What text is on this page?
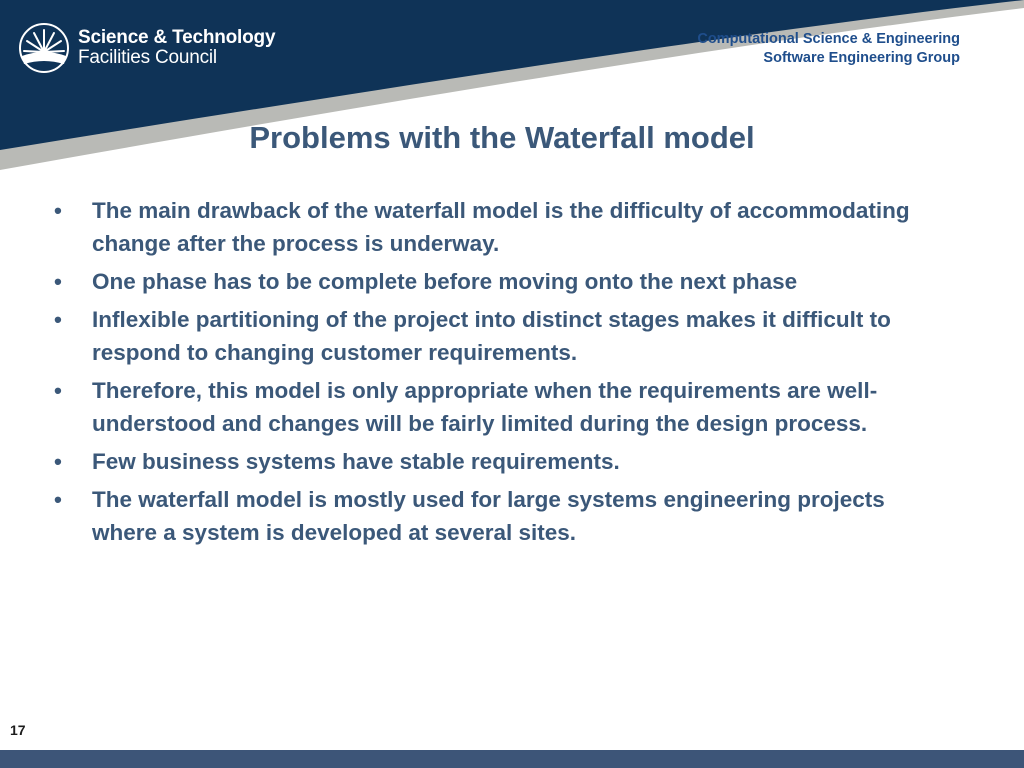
Science & Technology
Facilities Council
Computational Science & Engineering
Software Engineering Group
Problems with the Waterfall model
• The main drawback of the waterfall model is the difficulty of accommodating change after the process is underway.
• One phase has to be complete before moving onto the next phase
• Inflexible partitioning of the project into distinct stages makes it difficult to respond to changing customer requirements.
• Therefore, this model is only appropriate when the requirements are well-understood and changes will be fairly limited during the design process.
• Few business systems have stable requirements.
• The waterfall model is mostly used for large systems engineering projects where a system is developed at several sites.
17
